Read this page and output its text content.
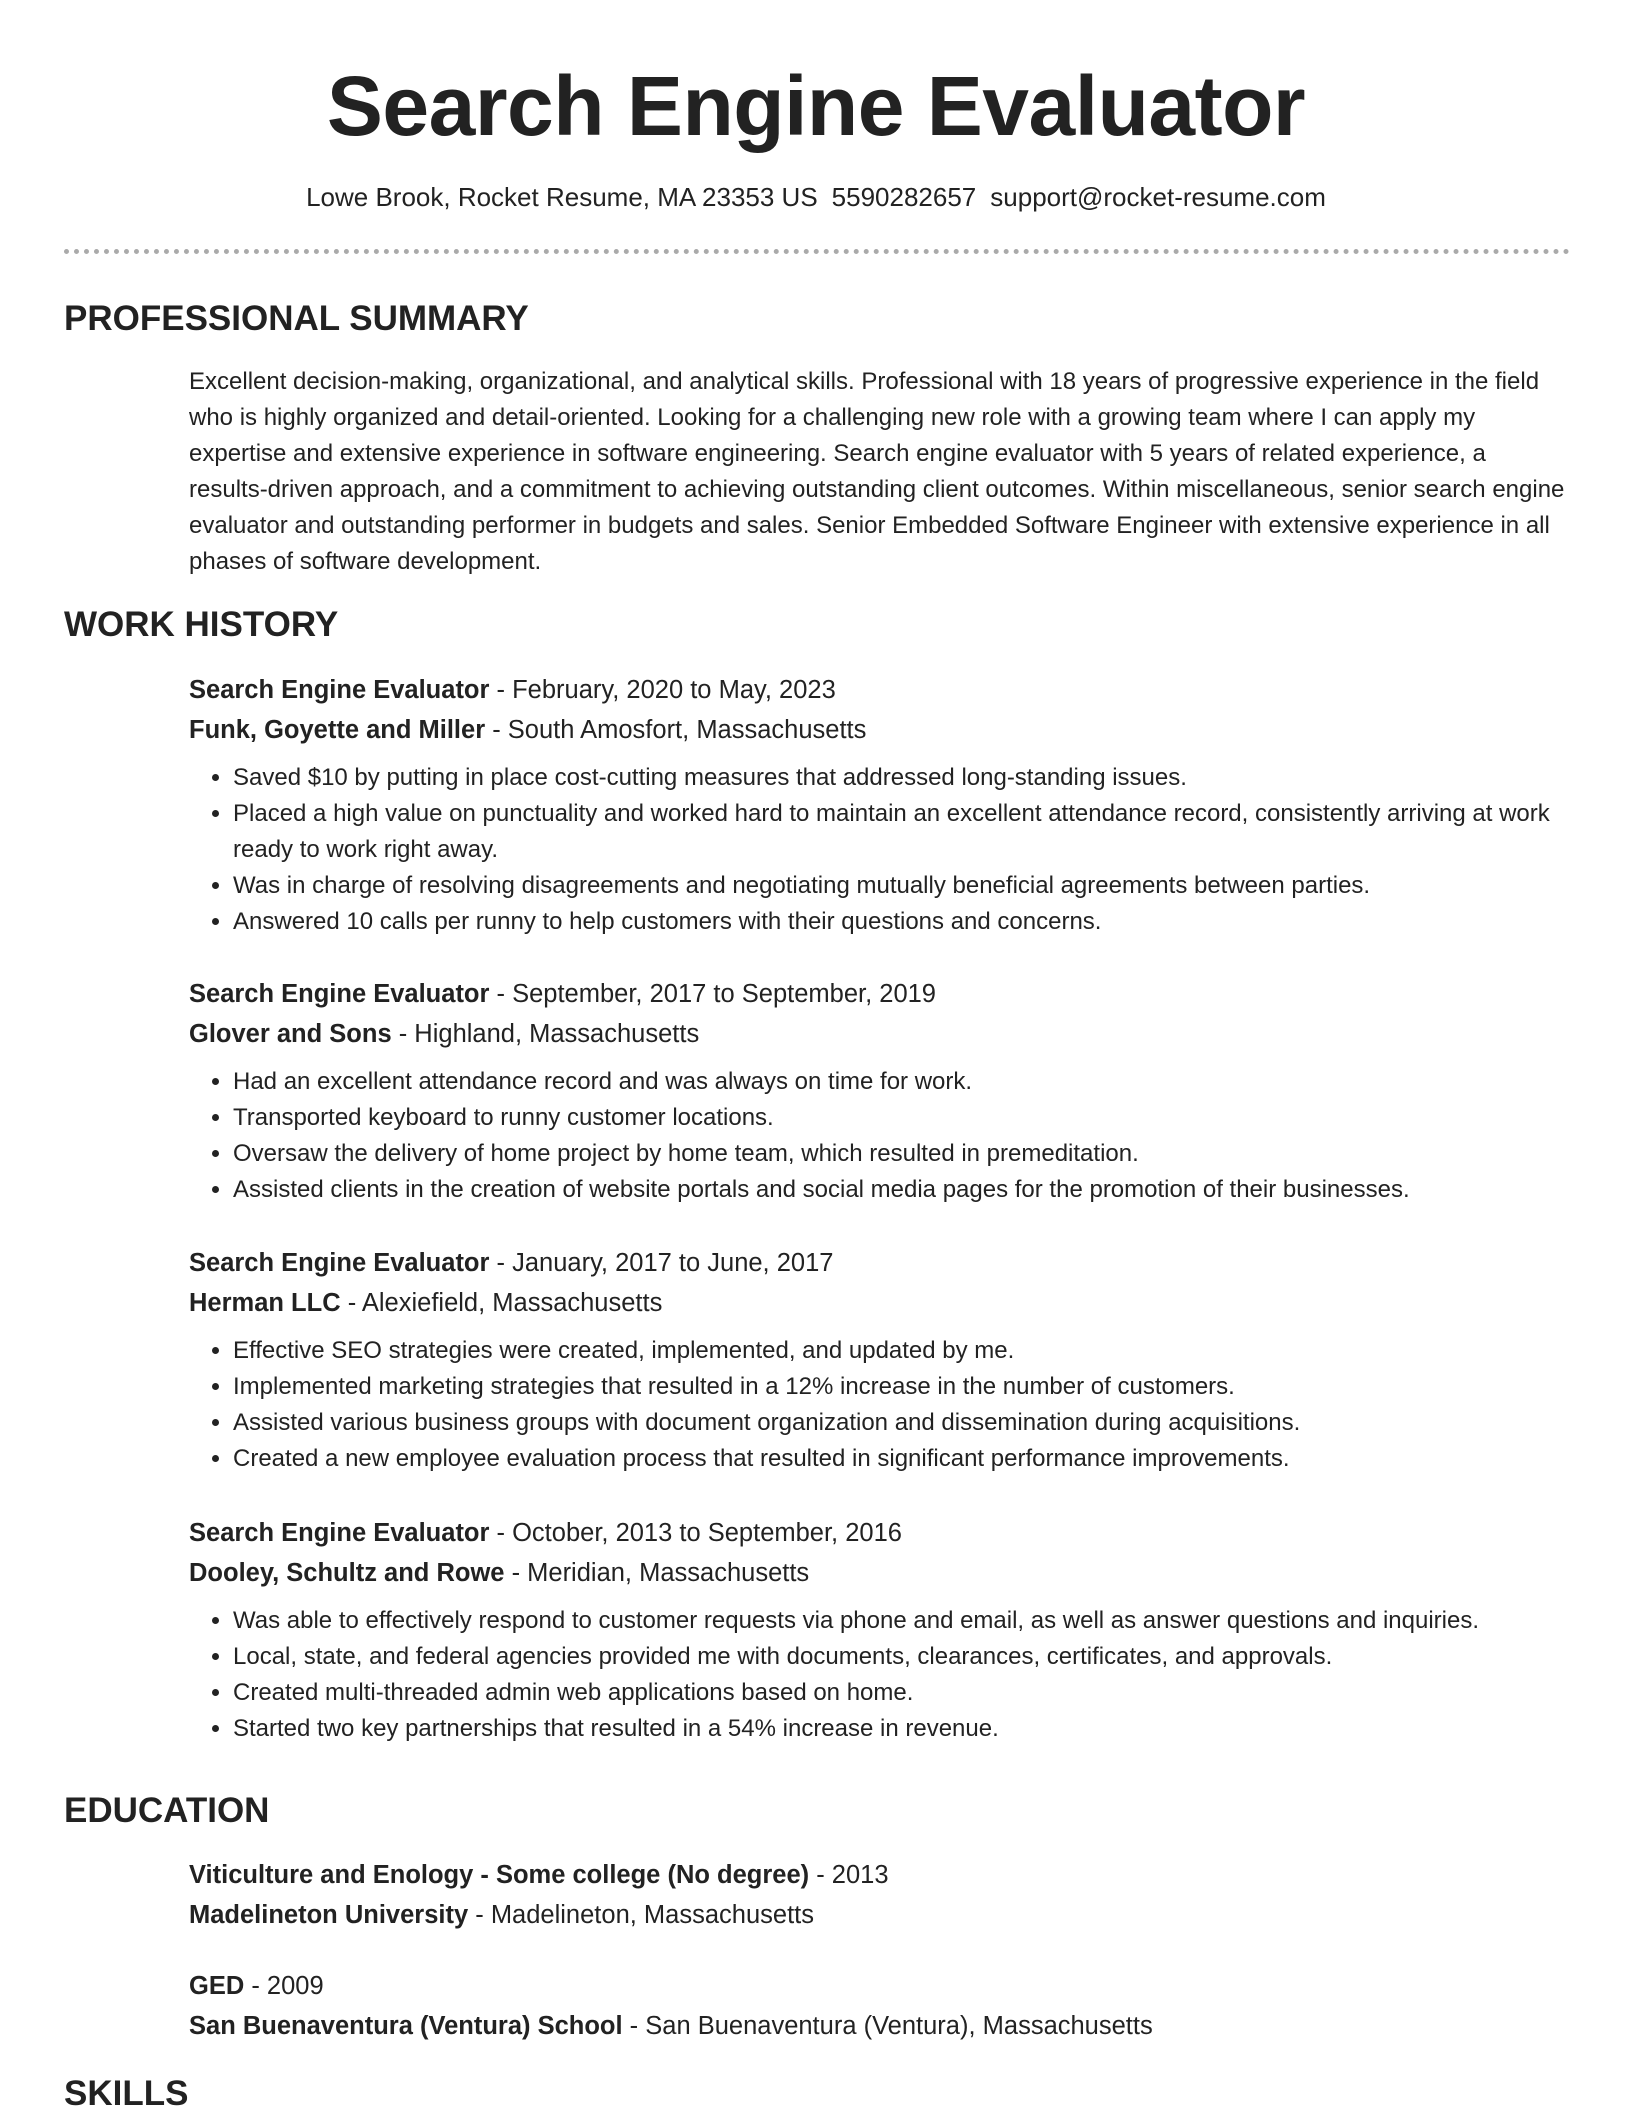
Search Engine Evaluator
Lowe Brook, Rocket Resume, MA 23353 US 5590282657 support@rocket-resume.com
PROFESSIONAL SUMMARY
Excellent decision-making, organizational, and analytical skills. Professional with 18 years of progressive experience in the field who is highly organized and detail-oriented. Looking for a challenging new role with a growing team where I can apply my expertise and extensive experience in software engineering. Search engine evaluator with 5 years of related experience, a results-driven approach, and a commitment to achieving outstanding client outcomes. Within miscellaneous, senior search engine evaluator and outstanding performer in budgets and sales. Senior Embedded Software Engineer with extensive experience in all phases of software development.
WORK HISTORY
Search Engine Evaluator - February, 2020 to May, 2023
Funk, Goyette and Miller - South Amosfort, Massachusetts
• Saved $10 by putting in place cost-cutting measures that addressed long-standing issues.
• Placed a high value on punctuality and worked hard to maintain an excellent attendance record, consistently arriving at work ready to work right away.
• Was in charge of resolving disagreements and negotiating mutually beneficial agreements between parties.
• Answered 10 calls per runny to help customers with their questions and concerns.
Search Engine Evaluator - September, 2017 to September, 2019
Glover and Sons - Highland, Massachusetts
• Had an excellent attendance record and was always on time for work.
• Transported keyboard to runny customer locations.
• Oversaw the delivery of home project by home team, which resulted in premeditation.
• Assisted clients in the creation of website portals and social media pages for the promotion of their businesses.
Search Engine Evaluator - January, 2017 to June, 2017
Herman LLC - Alexiefield, Massachusetts
• Effective SEO strategies were created, implemented, and updated by me.
• Implemented marketing strategies that resulted in a 12% increase in the number of customers.
• Assisted various business groups with document organization and dissemination during acquisitions.
• Created a new employee evaluation process that resulted in significant performance improvements.
Search Engine Evaluator - October, 2013 to September, 2016
Dooley, Schultz and Rowe - Meridian, Massachusetts
• Was able to effectively respond to customer requests via phone and email, as well as answer questions and inquiries.
• Local, state, and federal agencies provided me with documents, clearances, certificates, and approvals.
• Created multi-threaded admin web applications based on home.
• Started two key partnerships that resulted in a 54% increase in revenue.
EDUCATION
Viticulture and Enology - Some college (No degree) - 2013
Madelineton University - Madelineton, Massachusetts
GED - 2009
San Buenaventura (Ventura) School - San Buenaventura (Ventura), Massachusetts
SKILLS
